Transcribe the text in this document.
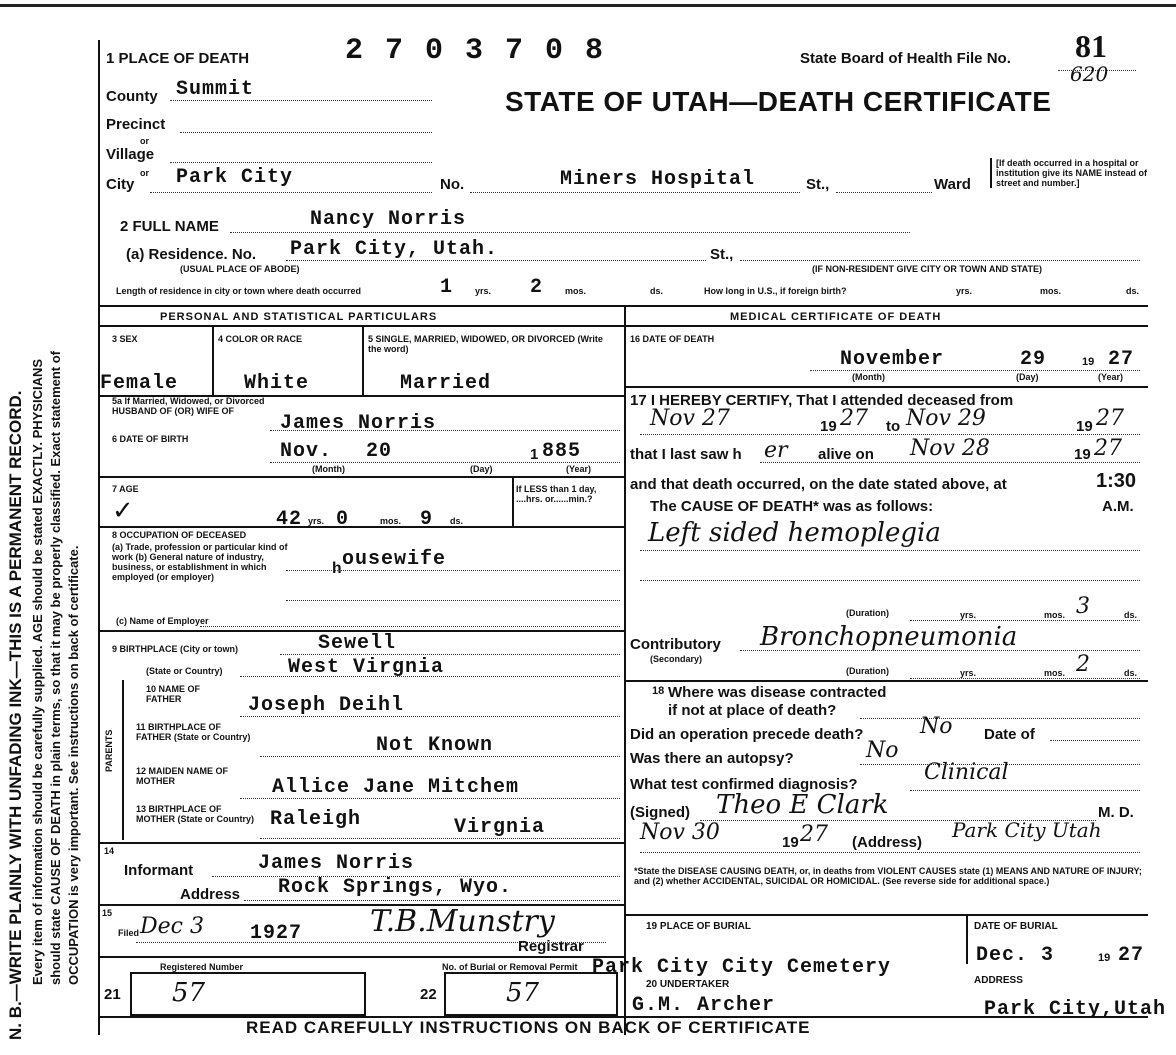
N. B.—WRITE PLAINLY WITH UNFADING INK—THIS IS A PERMANENT RECORD. Every item of information should be carefully supplied. AGE should be stated EXACTLY. PHYSICIANS should state CAUSE OF DEATH in plain terms, so that it may be properly classified. Exact statement of OCCUPATION is very important. See instructions on back of certificate.
1 PLACE OF DEATH	2 7 0 3 7 0 8	State Board of Health File No. 81
620
STATE OF UTAH—DEATH CERTIFICATE
County Summit
Precinct
or
Village
or
City Park City	No.	Miners Hospital	St.,	Ward
[If death occurred in a hospital or institution give its NAME instead of street and number.]
2 FULL NAME	Nancy Norris
(a) Residence. No. Park City, Utah.	St.,
(USUAL PLACE OF ABODE)	(IF NON-RESIDENT GIVE CITY OR TOWN AND STATE)
Length of residence in city or town where death occurred	1 yrs. 2 mos.	ds.	How long in U.S., if foreign birth?	yrs.	mos.	ds.
PERSONAL AND STATISTICAL PARTICULARS
3 SEX	4 COLOR OR RACE	5 SINGLE, MARRIED, WIDOWED, OR DIVORCED (Write the word)
Female	White	Married
5a If Married, Widowed, or Divorced HUSBAND OF (OR) WIFE OF
James Norris
6 DATE OF BIRTH
Nov. 20	1 885
(Month)	(Day)	(Year)
7 AGE
✓	42 yrs. 0	mos. 9 ds.
If LESS than 1 day, ....hrs. or......min.?
8 OCCUPATION OF DECEASED
(a) Trade, profession or particular kind of work (b) General nature of industry, business, or establishment in which employed (or employer)	h ousewife
(c) Name of Employer
9 BIRTHPLACE (City or town)	Sewell
(State or Country)	West Virgnia
PARENTS
10 NAME OF FATHER	Joseph Deihl
11 BIRTHPLACE OF FATHER (State or Country)	Not Known
12 MAIDEN NAME OF MOTHER	Allice Jane Mitchem
13 BIRTHPLACE OF MOTHER (State or Country) Raleigh	Virgnia
14
Informant	James Norris
Address Rock Springs, Wyo.
15
Filed Dec 3 1927 T.B.Munstry
Registrar
Registered Number	No. of Burial or Removal Permit
21 57	22	57
MEDICAL CERTIFICATE OF DEATH
16 DATE OF DEATH
November	29	19 27
(Month)	(Day)	(Year)
17 I HEREBY CERTIFY, That I attended deceased from
Nov 27	19 27 to Nov 29	19 27
that I last saw h er alive on Nov 28	19 27
and that death occurred, on the date stated above, at	1:30
A.M.
The CAUSE OF DEATH* was as follows:
Left sided hemoplegia
(Duration)	yrs.	mos. 3	ds.
Contributory
(Secondary)
Bronchopneumonia
(Duration)	yrs.	mos. 2	ds.
18 Where was disease contracted
if not at place of death?
Did an operation precede death?	No Date of
Was there an autopsy?	No
What test confirmed diagnosis?	Clinical
(Signed) Theo E Clark	M. D.
Nov 30	19 27 (Address)
Park City Utah
*State the DISEASE CAUSING DEATH, or, in deaths from VIOLENT CAUSES state (1) MEANS AND NATURE OF INJURY; and (2) whether ACCIDENTAL, SUICIDAL OR HOMICIDAL. (See reverse side for additional space.)
19 PLACE OF BURIAL	DATE OF BURIAL
Park City City Cemetery
Dec. 3	19 27
20 UNDERTAKER	ADDRESS
G.M. Archer	Park City,Utah
READ CAREFULLY INSTRUCTIONS ON BACK OF CERTIFICATE
